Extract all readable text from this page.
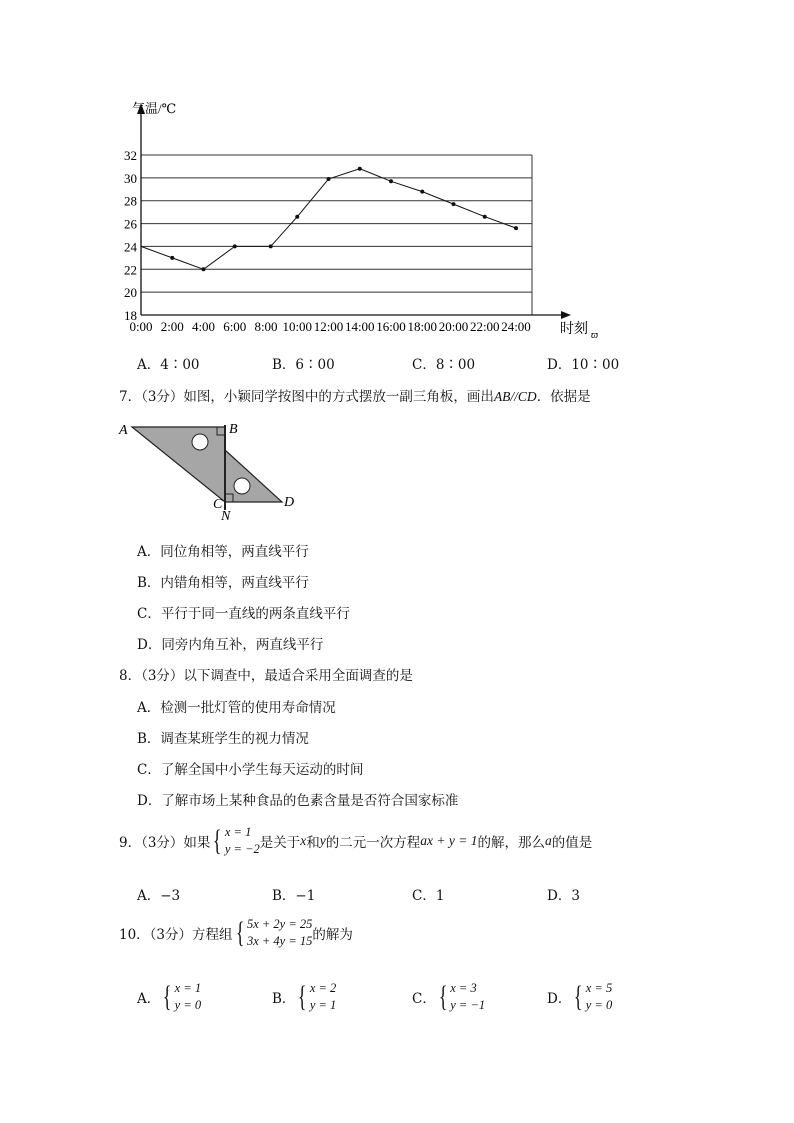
18
20
22
24
26
28
30
32
0:00 2:00 4:00 6:00 8:00 10:00 12:00 14:00 16:00 18:00 20:00 22:00 24:00
气温/℃
时刻 ϖ
A．4∶00	B．6∶00	C．8∶00	D．10∶00
7．（3分）如图，小颖同学按图中的方式摆放一副三角板，画出AB//CD．依据是
A	B
C
N
D
A．同位角相等，两直线平行
B．内错角相等，两直线平行
C．平行于同一直线的两条直线平行
D．同旁内角互补，两直线平行
8．（3分）以下调查中，最适合采用全面调查的是
A．检测一批灯管的使用寿命情况
B．调查某班学生的视力情况
C．了解全国中小学生每天运动的时间
D．了解市场上某种食品的色素含量是否符合国家标准
9．（3分）如果 { x = 1
y = −2 是关于 x 和 y 的二元一次方程 ax + y = 1 的解，那么 a 的值是
A．−3	B．−1	C．1	D．3
10．（3分）方程组 { 5x + 2y = 25
3x + 4y = 15 的解为
A． { x = 1
y = 0	B． { x = 2
y = 1	C． { x = 3
y = −1	D． { x = 5
y = 0
